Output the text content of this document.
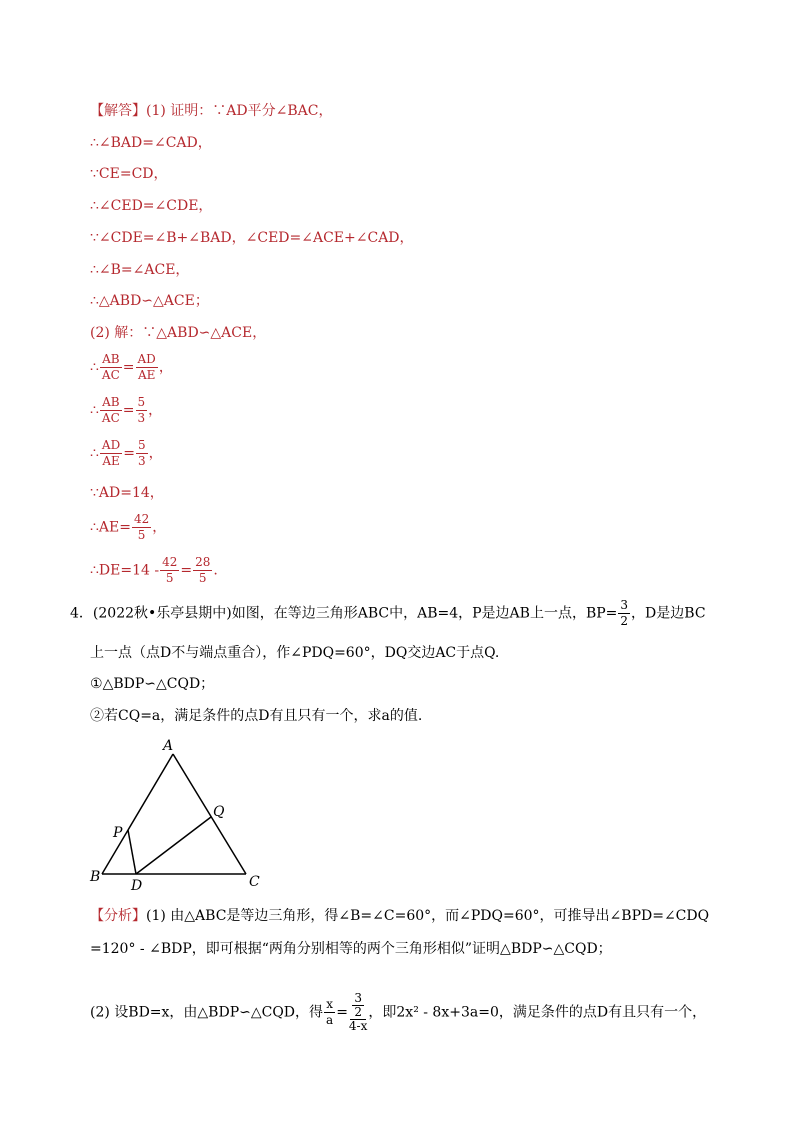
【解答】(1) 证明：∵AD平分∠BAC，
∴∠BAD=∠CAD，
∵CE=CD，
∴∠CED=∠CDE，
∵∠CDE=∠B+∠BAD，∠CED=∠ACE+∠CAD，
∴∠B=∠ACE，
∴△ABD∽△ACE；
(2) 解：∵△ABD∽△ACE，
∴ $\frac{AB}{AC} = \frac{AD}{AE}$ ，
∴ $\frac{AB}{AC} = \frac{5}{3}$ ，
∴ $\frac{AD}{AE} = \frac{5}{3}$ ，
∵AD=14，
∴AE= $\frac{42}{5}$ ，
∴DE=14 - $\frac{42}{5} = \frac{28}{5}$ .
4．(2022秋•乐亭县期中)如图，在等边三角形ABC中，AB=4，P是边AB上一点，$BP= \frac{3}{2}$ ，D是边BC
上一点（点D不与端点重合），作∠PDQ=60°，DQ交边AC于点Q.
①△BDP∽△CQD；
②若CQ=a，满足条件的点D有且只有一个，求a的值.
A
B	C
D
P
Q
【分析】(1) 由△ABC是等边三角形，得∠B=∠C=60°，而∠PDQ=60°，可推导出∠BPD=∠CDQ
=120° - ∠BDP，即可根据“两角分别相等的两个三角形相似”证明△BDP∽△CQD；
(2) 设BD=x，由△BDP∽△CQD，得 $\frac{x}{a} = \frac{\frac{3}{2}}{4-x}$ ，即2x² - 8x+3a=0，满足条件的点D有且只有一个，
